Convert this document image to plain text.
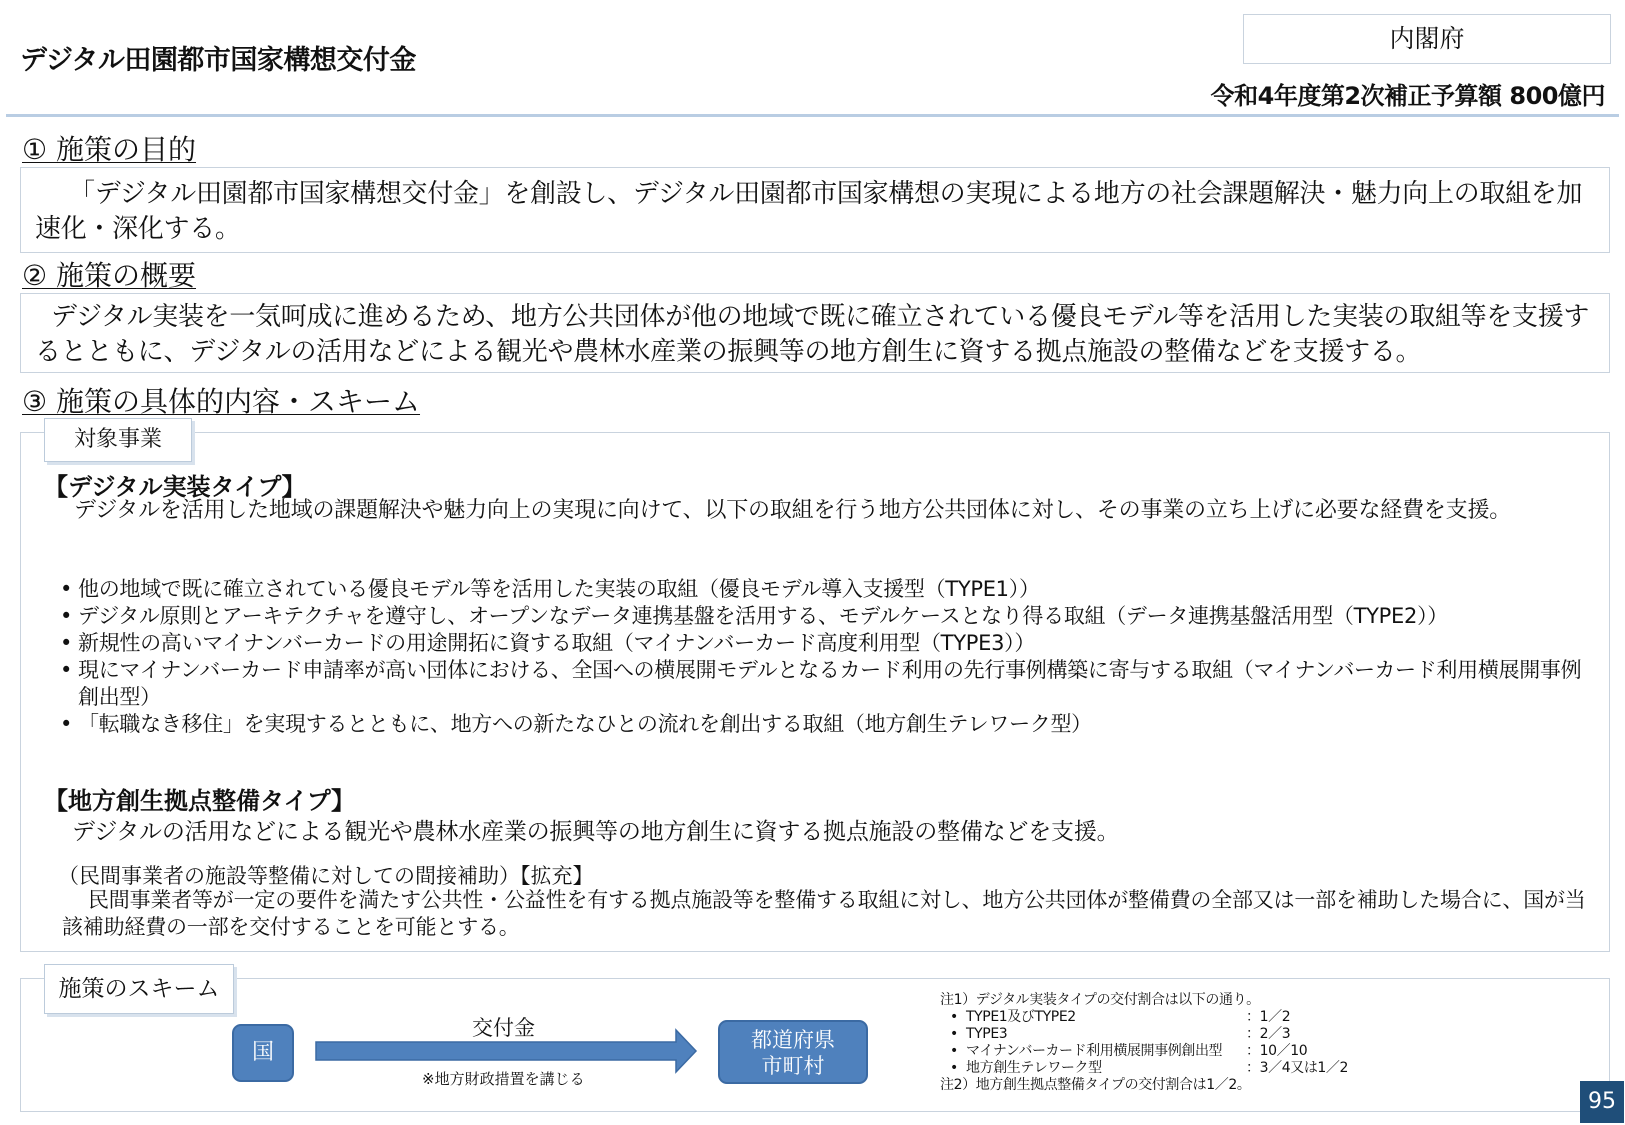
デジタル田園都市国家構想交付金
内閣府
令和4年度第2次補正予算額 800億円
① 施策の目的
「デジタル田園都市国家構想交付金」を創設し、デジタル田園都市国家構想の実現による地方の社会課題解決・魅力向上の取組を加速化・深化する。
② 施策の概要
デジタル実装を一気呵成に進めるため、地方公共団体が他の地域で既に確立されている優良モデル等を活用した実装の取組等を支援するとともに、デジタルの活用などによる観光や農林水産業の振興等の地方創生に資する拠点施設の整備などを支援する。
③ 施策の具体的内容・スキーム
対象事業
【デジタル実装タイプ】
デジタルを活用した地域の課題解決や魅力向上の実現に向けて、以下の取組を行う地方公共団体に対し、その事業の立ち上げに必要な経費を支援。
• 他の地域で既に確立されている優良モデル等を活用した実装の取組（優良モデル導入支援型（TYPE1））
• デジタル原則とアーキテクチャを遵守し、オープンなデータ連携基盤を活用する、モデルケースとなり得る取組（データ連携基盤活用型（TYPE2））
• 新規性の高いマイナンバーカードの用途開拓に資する取組（マイナンバーカード高度利用型（TYPE3））
• 現にマイナンバーカード申請率が高い団体における、全国への横展開モデルとなるカード利用の先行事例構築に寄与する取組（マイナンバーカード利用横展開事例創出型）
• 「転職なき移住」を実現するとともに、地方への新たなひとの流れを創出する取組（地方創生テレワーク型）
【地方創生拠点整備タイプ】
デジタルの活用などによる観光や農林水産業の振興等の地方創生に資する拠点施設の整備などを支援。
（民間事業者の施設等整備に対しての間接補助）【拡充】
民間事業者等が一定の要件を満たす公共性・公益性を有する拠点施設等を整備する取組に対し、地方公共団体が整備費の全部又は一部を補助した場合に、国が当該補助経費の一部を交付することを可能とする。
施策のスキーム
国
交付金
※地方財政措置を講じる
都道府県
市町村
注1）デジタル実装タイプの交付割合は以下の通り。
• TYPE1及びTYPE2	：1／2
• TYPE3	：2／3
• マイナンバーカード利用横展開事例創出型	：10／10
• 地方創生テレワーク型	：3／4又は1／2
注2）地方創生拠点整備タイプの交付割合は1／2。
95
